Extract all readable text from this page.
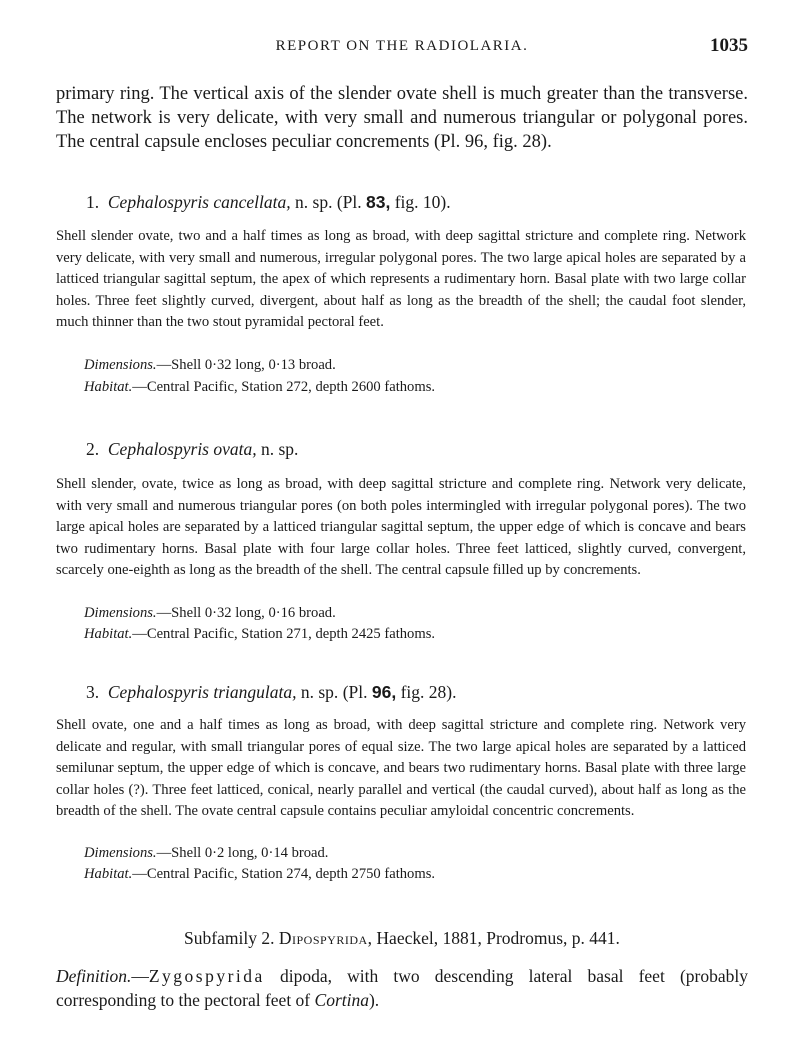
REPORT ON THE RADIOLARIA.	1035

primary ring. The vertical axis of the slender ovate shell is much greater than the transverse. The network is very delicate, with very small and numerous triangular or polygonal pores. The central capsule encloses peculiar concrements (Pl. 96, fig. 28).

1. Cephalospyris cancellata, n. sp. (Pl. 83, fig. 10).

Shell slender ovate, two and a half times as long as broad, with deep sagittal stricture and complete ring. Network very delicate, with very small and numerous, irregular polygonal pores. The two large apical holes are separated by a latticed triangular sagittal septum, the apex of which represents a rudimentary horn. Basal plate with two large collar holes. Three feet slightly curved, divergent, about half as long as the breadth of the shell; the caudal foot slender, much thinner than the two stout pyramidal pectoral feet.

Dimensions.—Shell 0·32 long, 0·13 broad.

Habitat.—Central Pacific, Station 272, depth 2600 fathoms.

2. Cephalospyris ovata, n. sp.

Shell slender, ovate, twice as long as broad, with deep sagittal stricture and complete ring. Network very delicate, with very small and numerous triangular pores (on both poles intermingled with irregular polygonal pores). The two large apical holes are separated by a latticed triangular sagittal septum, the upper edge of which is concave and bears two rudimentary horns. Basal plate with four large collar holes. Three feet latticed, slightly curved, convergent, scarcely one-eighth as long as the breadth of the shell. The central capsule filled up by concrements.

Dimensions.—Shell 0·32 long, 0·16 broad.

Habitat.—Central Pacific, Station 271, depth 2425 fathoms.

3. Cephalospyris triangulata, n. sp. (Pl. 96, fig. 28).

Shell ovate, one and a half times as long as broad, with deep sagittal stricture and complete ring. Network very delicate and regular, with small triangular pores of equal size. The two large apical holes are separated by a latticed semilunar septum, the upper edge of which is concave, and bears two rudimentary horns. Basal plate with three large collar holes (?). Three feet latticed, conical, nearly parallel and vertical (the caudal curved), about half as long as the breadth of the shell. The ovate central capsule contains peculiar amyloidal concentric concrements.

Dimensions.—Shell 0·2 long, 0·14 broad.

Habitat.—Central Pacific, Station 274, depth 2750 fathoms.

Subfamily 2. Dipospyrida, Haeckel, 1881, Prodromus, p. 441.

Definition.—Zygospyrida dipoda, with two descending lateral basal feet (probably corresponding to the pectoral feet of Cortina).
